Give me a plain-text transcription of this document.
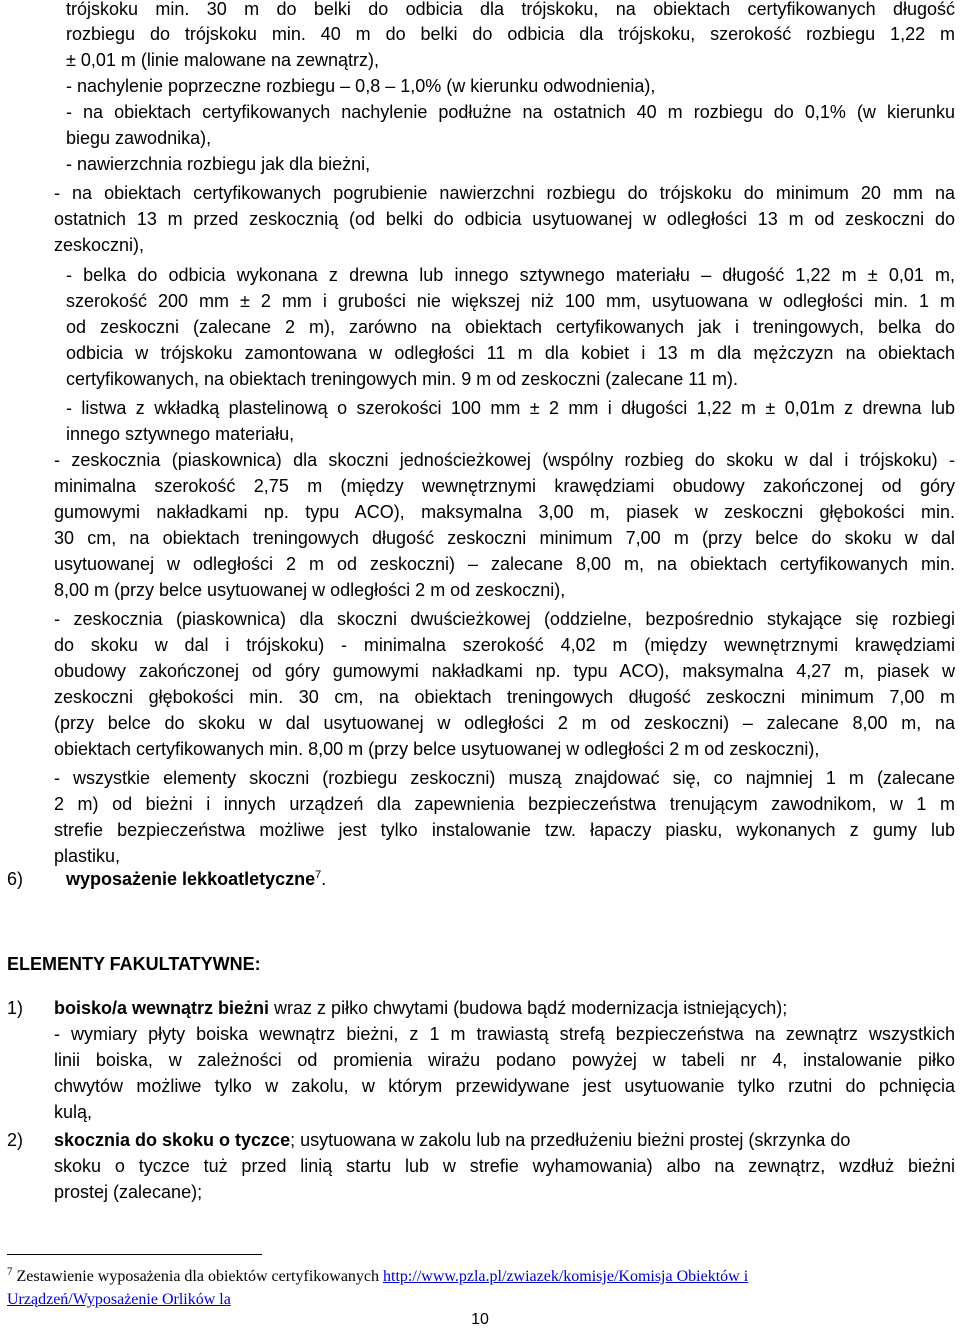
trójskoku min. 30 m do belki do odbicia dla trójskoku, na obiektach certyfikowanych długość
rozbiegu do trójskoku min. 40 m do belki do odbicia dla trójskoku, szerokość rozbiegu 1,22 m
± 0,01 m (linie malowane na zewnątrz),
- nachylenie poprzeczne rozbiegu – 0,8 – 1,0% (w kierunku odwodnienia),
- na obiektach certyfikowanych nachylenie podłużne na ostatnich 40 m rozbiegu do 0,1% (w kierunku
biegu zawodnika),
- nawierzchnia rozbiegu jak dla bieżni,
- na obiektach certyfikowanych pogrubienie nawierzchni rozbiegu do trójskoku do minimum 20 mm na
ostatnich 13 m przed zeskocznią (od belki do odbicia usytuowanej w odległości 13 m od zeskoczni do
zeskoczni),
- belka do odbicia wykonana z drewna lub innego sztywnego materiału – długość 1,22 m ± 0,01 m,
szerokość 200 mm ± 2 mm i grubości nie większej niż 100 mm, usytuowana w odległości min. 1 m
od zeskoczni (zalecane 2 m), zarówno na obiektach certyfikowanych jak i treningowych, belka do
odbicia w trójskoku zamontowana w odległości 11 m dla kobiet i 13 m dla mężczyzn na obiektach
certyfikowanych, na obiektach treningowych min. 9 m od zeskoczni (zalecane 11 m).
- listwa z wkładką plastelinową o szerokości 100 mm ± 2 mm i długości 1,22 m ± 0,01m z drewna lub
innego sztywnego materiału,
- zeskocznia (piaskownica) dla skoczni jednościeżkowej (wspólny rozbieg do skoku w dal i trójskoku) -
minimalna szerokość 2,75 m (między wewnętrznymi krawędziami obudowy zakończonej od góry
gumowymi nakładkami np. typu ACO), maksymalna 3,00 m, piasek w zeskoczni głębokości min.
30 cm, na obiektach treningowych długość zeskoczni minimum 7,00 m (przy belce do skoku w dal
usytuowanej w odległości 2 m od zeskoczni) – zalecane 8,00 m, na obiektach certyfikowanych min.
8,00 m (przy belce usytuowanej w odległości 2 m od zeskoczni),
- zeskocznia (piaskownica) dla skoczni dwuścieżkowej (oddzielne, bezpośrednio stykające się rozbiegi
do skoku w dal i trójskoku) - minimalna szerokość 4,02 m (między wewnętrznymi krawędziami
obudowy zakończonej od góry gumowymi nakładkami np. typu ACO), maksymalna 4,27 m, piasek w
zeskoczni głębokości min. 30 cm, na obiektach treningowych długość zeskoczni minimum 7,00 m
(przy belce do skoku w dal usytuowanej w odległości 2 m od zeskoczni) – zalecane 8,00 m, na
obiektach certyfikowanych min. 8,00 m (przy belce usytuowanej w odległości 2 m od zeskoczni),
- wszystkie elementy skoczni (rozbiegu zeskoczni) muszą znajdować się, co najmniej 1 m (zalecane
2 m) od bieżni i innych urządzeń dla zapewnienia bezpieczeństwa trenującym zawodnikom, w 1 m
strefie bezpieczeństwa możliwe jest tylko instalowanie tzw. łapaczy piasku, wykonanych z gumy lub
plastiku,
6) wyposażenie lekkoatletyczne$^7$.
ELEMENTY FAKULTATYWNE:
1) boisko/a wewnątrz bieżni wraz z piłko chwytami (budowa bądź modernizacja istniejących);
- wymiary płyty boiska wewnątrz bieżni, z 1 m trawiastą strefą bezpieczeństwa na zewnątrz wszystkich
linii boiska, w zależności od promienia wirażu podano powyżej w tabeli nr 4, instalowanie piłko
chwytów możliwe tylko w zakolu, w którym przewidywane jest usytuowanie tylko rzutni do pchnięcia
kulą,
2) skocznia do skoku o tyczce; usytuowana w zakolu lub na przedłużeniu bieżni prostej (skrzynka do
skoku o tyczce tuż przed linią startu lub w strefie wyhamowania) albo na zewnątrz, wzdłuż bieżni
prostej (zalecane);
$^7$ Zestawienie wyposażenia dla obiektów certyfikowanych http://www.pzla.pl/zwiazek/komisje/Komisja Obiektów i
Urządzeń/Wyposażenie Orlików la
10
